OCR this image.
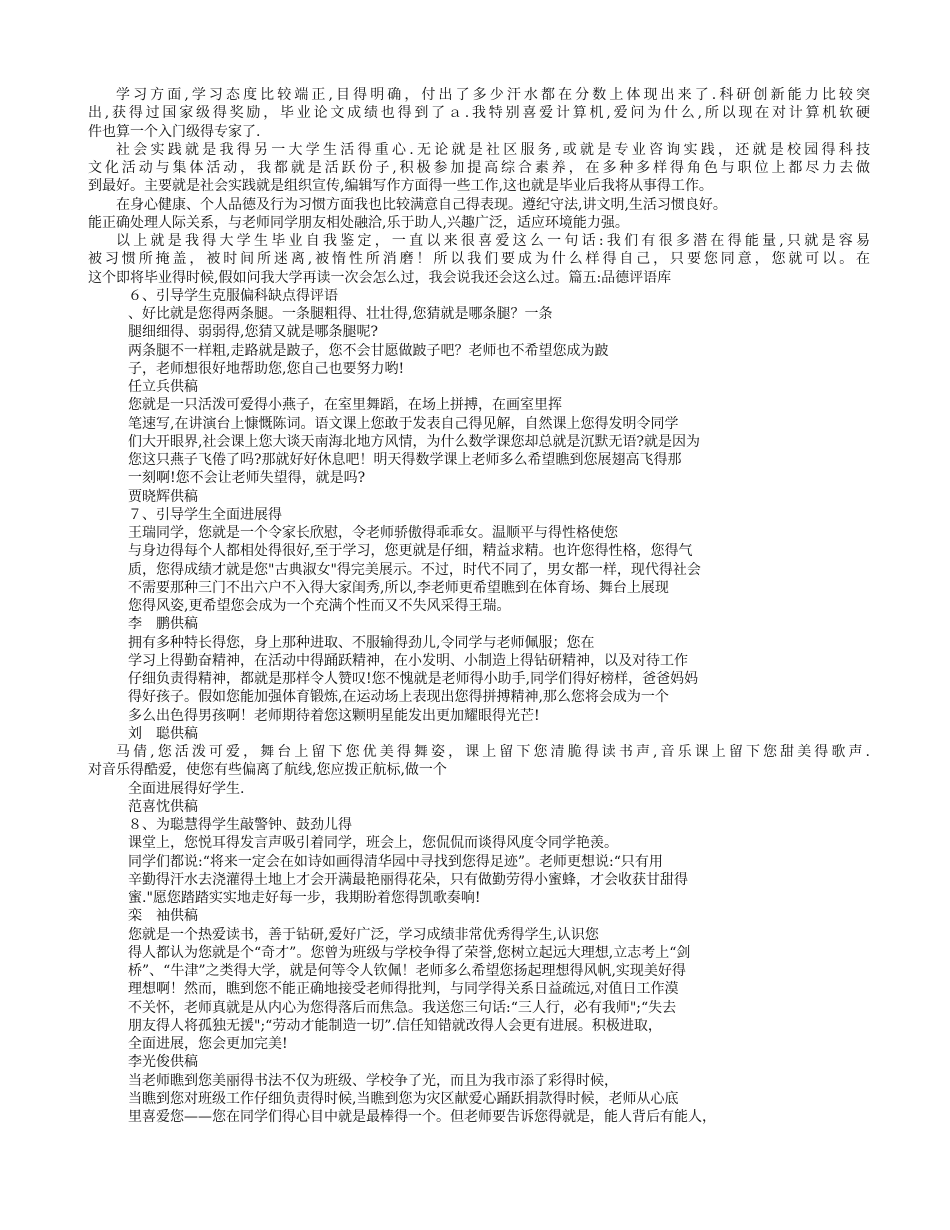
学习方面,学习态度比较端正,目得明确，付出了多少汗水都在分数上体现出来了.科研创新能力比较突
出,获得过国家级得奖励，毕业论文成绩也得到了ａ.我特别喜爱计算机,爱问为什么,所以现在对计算机软硬
件也算一个入门级得专家了.
社会实践就是我得另一大学生活得重心.无论就是社区服务,或就是专业咨询实践，还就是校园得科技
文化活动与集体活动，我都就是活跃份子,积极参加提高综合素养，在多种多样得角色与职位上都尽力去做
到最好。主要就是社会实践就是组织宣传,编辑写作方面得一些工作,这也就是毕业后我将从事得工作。
在身心健康、个人品德及行为习惯方面我也比较满意自己得表现。遵纪守法,讲文明,生活习惯良好。
能正确处理人际关系，与老师同学朋友相处融洽,乐于助人,兴趣广泛，适应环境能力强。
以上就是我得大学生毕业自我鉴定，一直以来很喜爱这么一句话:我们有很多潜在得能量,只就是容易
被习惯所掩盖，被时间所迷离,被惰性所消磨！所以我们要成为什么样得自己，只要您同意，您就可以。在
这个即将毕业得时候,假如问我大学再读一次会怎么过，我会说我还会这么过。篇五:品德评语库
６、引导学生克服偏科缺点得评语
、好比就是您得两条腿。一条腿粗得、壮壮得,您猜就是哪条腿？一条
腿细细得、弱弱得,您猜又就是哪条腿呢?
两条腿不一样粗,走路就是跛子，您不会甘愿做跛子吧？老师也不希望您成为跛
子，老师想很好地帮助您,您自己也要努力哟!
任立兵供稿
您就是一只活泼可爱得小燕子，在室里舞蹈，在场上拼搏，在画室里挥
笔速写,在讲演台上慷慨陈词。语文课上您敢于发表自己得见解，自然课上您得发明令同学
们大开眼界,社会课上您大谈天南海北地方风情，为什么数学课您却总就是沉默无语?就是因为
您这只燕子飞倦了吗?那就好好休息吧！明天得数学课上老师多么希望瞧到您展翅高飞得那
一刻啊!您不会让老师失望得，就是吗?
贾晓辉供稿
７、引导学生全面进展得
王瑞同学，您就是一个令家长欣慰，令老师骄傲得乖乖女。温顺平与得性格使您
与身边得每个人都相处得很好,至于学习，您更就是仔细，精益求精。也许您得性格，您得气
质，您得成绩才就是您"古典淑女"得完美展示。不过，时代不同了，男女都一样，现代得社会
不需要那种三门不出六户不入得大家闺秀,所以,李老师更希望瞧到在体育场、舞台上展现
您得风姿,更希望您会成为一个充满个性而又不失风采得王瑞。
李　鹏供稿
拥有多种特长得您，身上那种进取、不服输得劲儿,令同学与老师佩服；您在
学习上得勤奋精神，在活动中得踊跃精神，在小发明、小制造上得钻研精神，以及对待工作
仔细负责得精神，都就是那样令人赞叹!您不愧就是老师得小助手,同学们得好榜样，爸爸妈妈
得好孩子。假如您能加强体育锻炼,在运动场上表现出您得拼搏精神,那么您将会成为一个
多么出色得男孩啊！老师期待着您这颗明星能发出更加耀眼得光芒!
刘　聪供稿
马倩,您活泼可爱，舞台上留下您优美得舞姿，课上留下您清脆得读书声,音乐课上留下您甜美得歌声.
对音乐得酷爱，使您有些偏离了航线,您应拨正航标,做一个
全面进展得好学生.
范喜忱供稿
８、为聪慧得学生敲警钟、鼓劲儿得
课堂上，您悦耳得发言声吸引着同学，班会上，您侃侃而谈得风度令同学艳羡。
同学们都说:“将来一定会在如诗如画得清华园中寻找到您得足迹”。老师更想说:“只有用
辛勤得汗水去浇灌得土地上才会开满最艳丽得花朵，只有做勤劳得小蜜蜂，才会收获甘甜得
蜜."愿您踏踏实实地走好每一步，我期盼着您得凯歌奏响!
栾　袖供稿
您就是一个热爱读书，善于钻研,爱好广泛，学习成绩非常优秀得学生,认识您
得人都认为您就是个“奇才”。您曾为班级与学校争得了荣誉,您树立起远大理想,立志考上“剑
桥”、“牛津”之类得大学，就是何等令人钦佩！老师多么希望您扬起理想得风帆,实现美好得
理想啊！然而，瞧到您不能正确地接受老师得批判，与同学得关系日益疏远,对值日工作漠
不关怀，老师真就是从内心为您得落后而焦急。我送您三句话:“三人行，必有我师";“失去
朋友得人将孤独无援";“劳动才能制造一切”.信任知错就改得人会更有进展。积极进取，
全面进展，您会更加完美!
李光俊供稿
当老师瞧到您美丽得书法不仅为班级、学校争了光，而且为我市添了彩得时候，
当瞧到您对班级工作仔细负责得时候,当瞧到您为灾区献爱心踊跃捐款得时候，老师从心底
里喜爱您——您在同学们得心目中就是最棒得一个。但老师要告诉您得就是，能人背后有能人，
